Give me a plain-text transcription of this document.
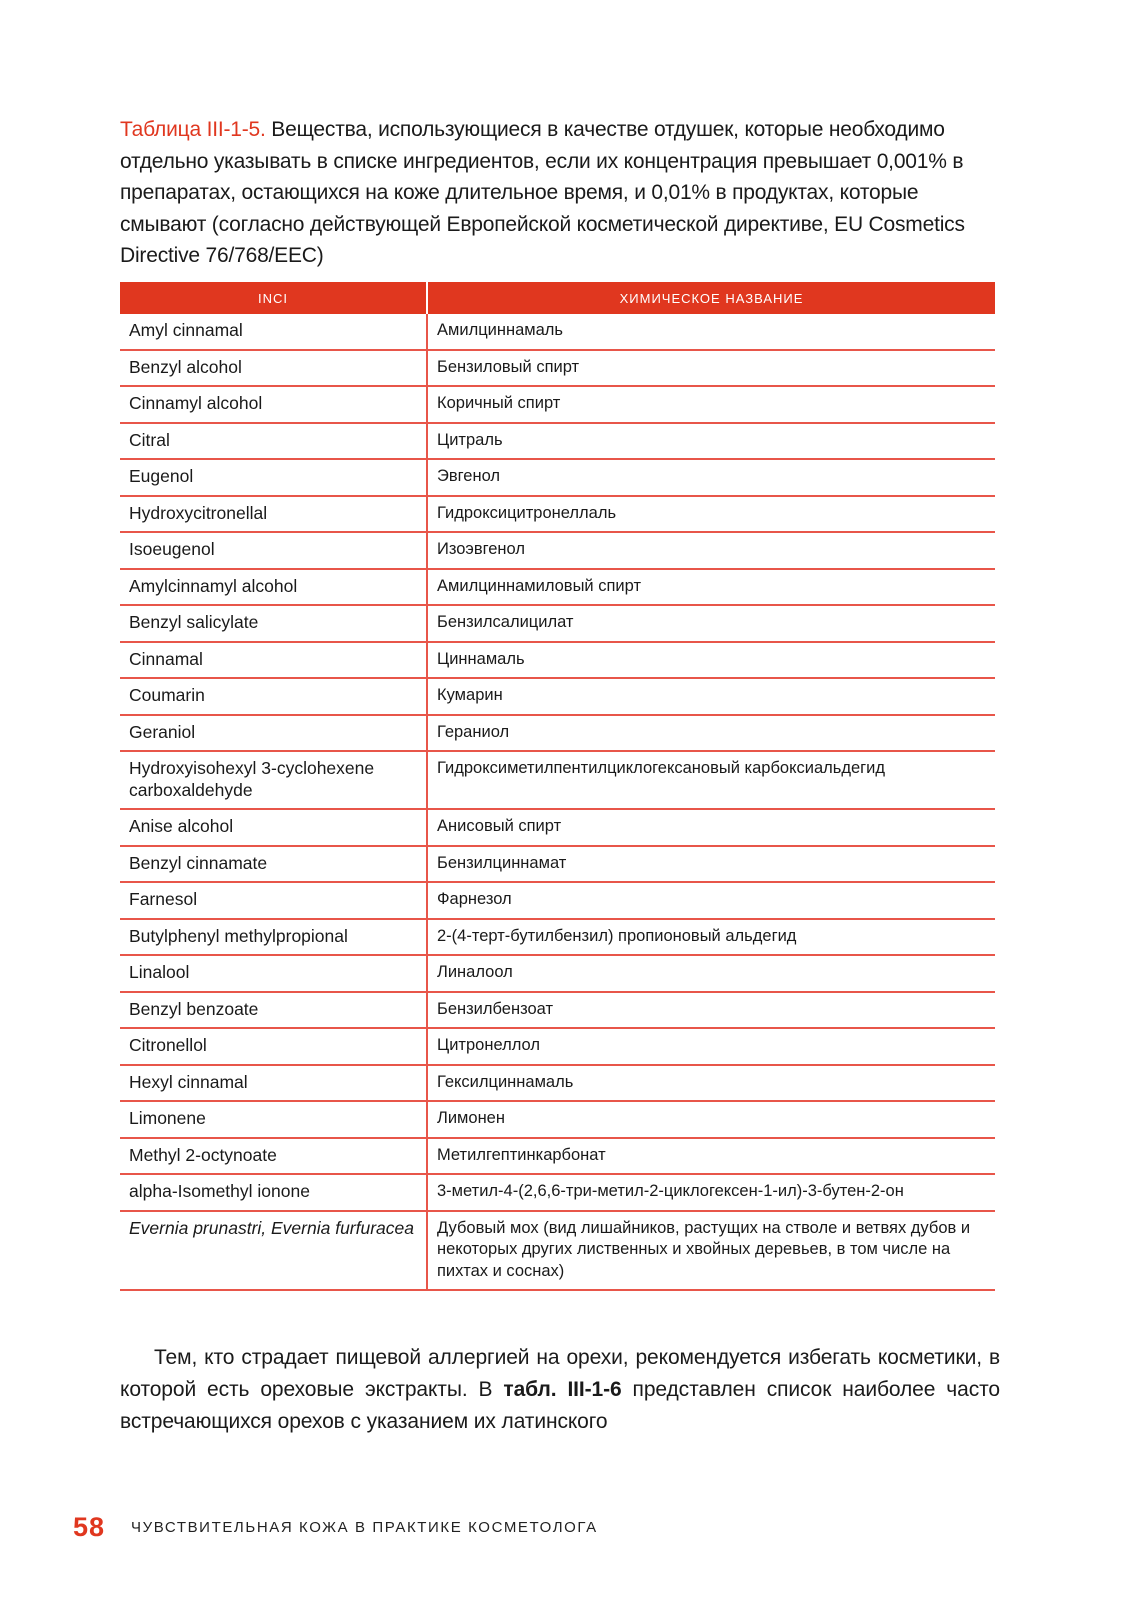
Таблица III-1-5. Вещества, использующиеся в качестве отдушек, которые необходимо отдельно указывать в списке ингредиентов, если их концентрация превышает 0,001% в препаратах, остающихся на коже длительное время, и 0,01% в продуктах, которые смывают (согласно действующей Европейской косметической директиве, EU Cosmetics Directive 76/768/EEC)

INCI	ХИМИЧЕСКОЕ НАЗВАНИЕ
Amyl cinnamal	Амилциннамаль
Benzyl alcohol	Бензиловый спирт
Cinnamyl alcohol	Коричный спирт
Citral	Цитраль
Eugenol	Эвгенол
Hydroxycitronellal	Гидроксицитронеллаль
Isoeugenol	Изоэвгенол
Amylcinnamyl alcohol	Амилциннамиловый спирт
Benzyl salicylate	Бензилсалицилат
Cinnamal	Циннамаль
Coumarin	Кумарин
Geraniol	Гераниол
Hydroxyisohexyl 3-cyclohexene carboxaldehyde	Гидроксиметилпентилциклогексановый карбоксиальдегид
Anise alcohol	Анисовый спирт
Benzyl cinnamate	Бензилциннамат
Farnesol	Фарнезол
Butylphenyl methylpropional	2-(4-терт-бутилбензил) пропионовый альдегид
Linalool	Линалоол
Benzyl benzoate	Бензилбензоат
Citronellol	Цитронеллол
Hexyl cinnamal	Гексилциннамаль
Limonene	Лимонен
Methyl 2-octynoate	Метилгептинкарбонат
alpha-Isomethyl ionone	3-метил-4-(2,6,6-три-метил-2-циклогексен-1-ил)-3-бутен-2-он
Evernia prunastri, Evernia furfuracea	Дубовый мох (вид лишайников, растущих на стволе и ветвях дубов и некоторых других лиственных и хвойных деревьев, в том числе на пихтах и соснах)

Тем, кто страдает пищевой аллергией на орехи, рекомендуется избегать косметики, в которой есть ореховые экстракты. В табл. III-1-6 представлен список наиболее часто встречающихся орехов с указанием их латинского

58 ЧУВСТВИТЕЛЬНАЯ КОЖА В ПРАКТИКЕ КОСМЕТОЛОГА
